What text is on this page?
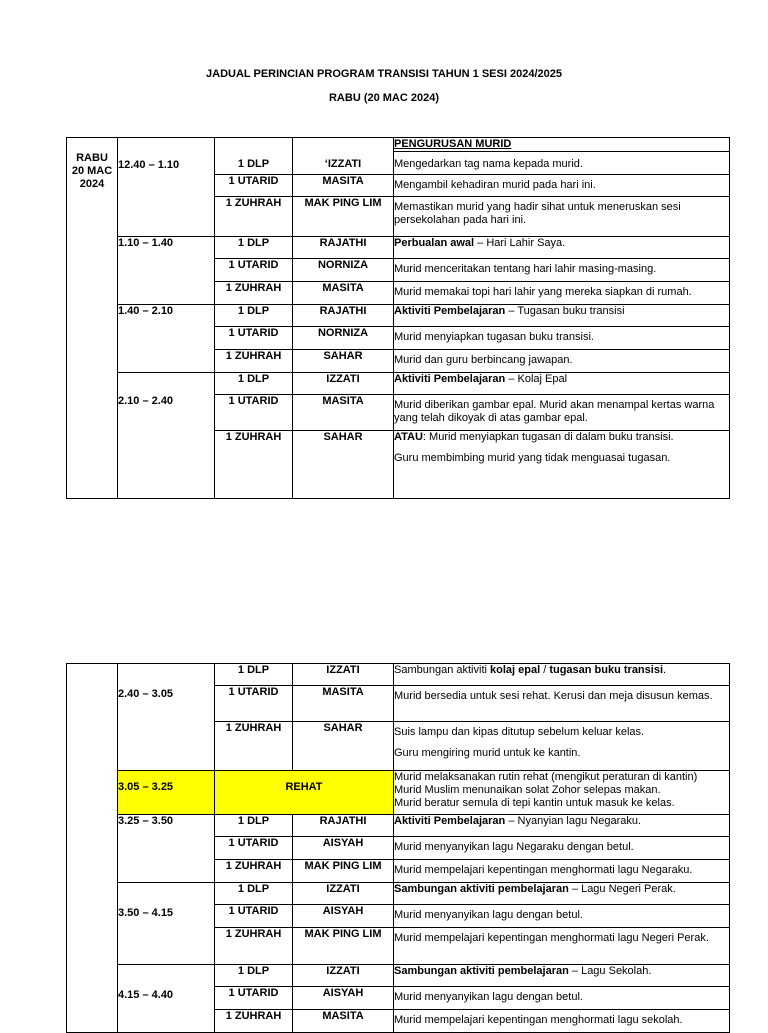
JADUAL PERINCIAN PROGRAM TRANSISI TAHUN 1 SESI 2024/2025
RABU (20 MAC 2024)
RABU
20 MAC
2024	12.40 – 1.10			PENGURUSAN MURID
		1 DLP	‘IZZATI	Mengedarkan tag nama kepada murid.
		1 UTARID	MASITA	Mengambil kehadiran murid pada hari ini.
		1 ZUHRAH	MAK PING LIM	Memastikan murid yang hadir sihat untuk meneruskan sesi persekolahan pada hari ini.
	1.10 – 1.40	1 DLP	RAJATHI	Perbualan awal – Hari Lahir Saya.
		1 UTARID	NORNIZA	Murid menceritakan tentang hari lahir masing-masing.
		1 ZUHRAH	MASITA	Murid memakai topi hari lahir yang mereka siapkan di rumah.
	1.40 – 2.10	1 DLP	RAJATHI	Aktiviti Pembelajaran – Tugasan buku transisi
		1 UTARID	NORNIZA	Murid menyiapkan tugasan buku transisi.
		1 ZUHRAH	SAHAR	Murid dan guru berbincang jawapan.
	2.10 – 2.40	1 DLP	IZZATI	Aktiviti Pembelajaran – Kolaj Epal
		1 UTARID	MASITA	Murid diberikan gambar epal. Murid akan menampal kertas warna yang telah dikoyak di atas gambar epal.
		1 ZUHRAH	SAHAR	ATAU: Murid menyiapkan tugasan di dalam buku transisi.
Guru membimbing murid yang tidak menguasai tugasan.
	2.40 – 3.05	1 DLP	IZZATI	Sambungan aktiviti kolaj epal / tugasan buku transisi.
		1 UTARID	MASITA	Murid bersedia untuk sesi rehat. Kerusi dan meja disusun kemas.
		1 ZUHRAH	SAHAR	Suis lampu dan kipas ditutup sebelum keluar kelas.
Guru mengiring murid untuk ke kantin.

	3.05 – 3.25	REHAT		Murid melaksanakan rutin rehat (mengikut peraturan di kantin)
Murid Muslim menunaikan solat Zohor selepas makan.
Murid beratur semula di tepi kantin untuk masuk ke kelas.

	3.25 – 3.50	1 DLP	RAJATHI	Aktiviti Pembelajaran – Nyanyian lagu Negaraku.
		1 UTARID	AISYAH	Murid menyanyikan lagu Negaraku dengan betul.
		1 ZUHRAH	MAK PING LIM	Murid mempelajari kepentingan menghormati lagu Negaraku.
	3.50 – 4.15	1 DLP	IZZATI	Sambungan aktiviti pembelajaran – Lagu Negeri Perak.
		1 UTARID	AISYAH	Murid menyanyikan lagu dengan betul.
		1 ZUHRAH	MAK PING LIM	Murid mempelajari kepentingan menghormati lagu Negeri Perak.
	4.15 – 4.40	1 DLP	IZZATI	Sambungan aktiviti pembelajaran – Lagu Sekolah.
		1 UTARID	AISYAH	Murid menyanyikan lagu dengan betul.
		1 ZUHRAH	MASITA	Murid mempelajari kepentingan menghormati lagu sekolah.
